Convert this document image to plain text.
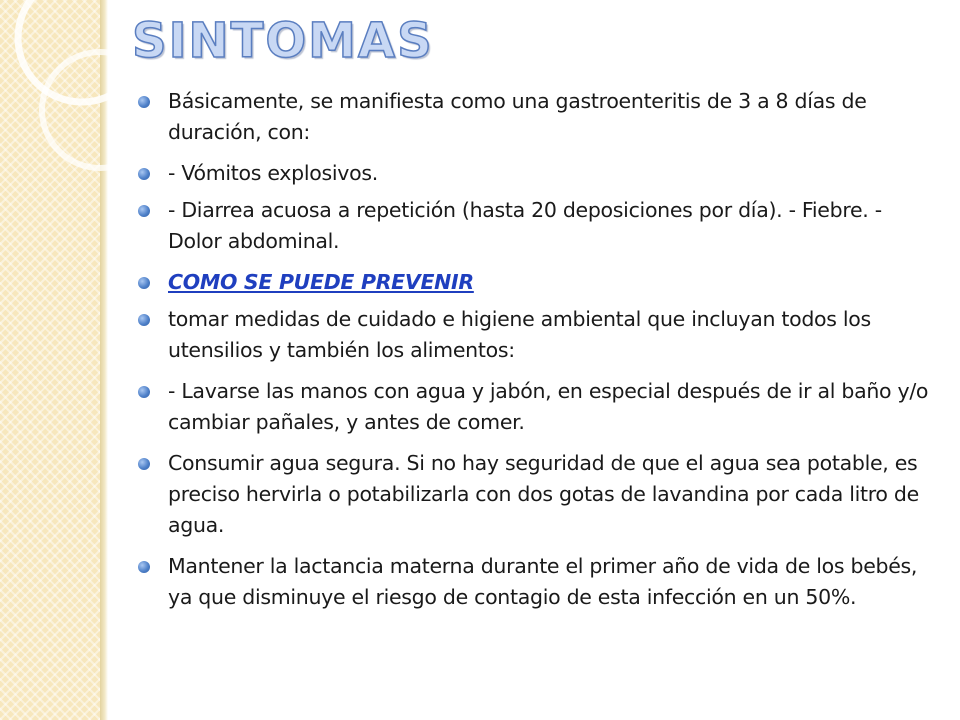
SINTOMAS
Básicamente, se manifiesta como una gastroenteritis de 3 a 8 días de duración, con:
- Vómitos explosivos.
- Diarrea acuosa a repetición (hasta 20 deposiciones por día). - Fiebre. - Dolor abdominal.
COMO SE PUEDE PREVENIR
tomar medidas de cuidado e higiene ambiental que incluyan todos los utensilios y también los alimentos:
- Lavarse las manos con agua y jabón, en especial después de ir al baño y/o cambiar pañales, y antes de comer.
Consumir agua segura. Si no hay seguridad de que el agua sea potable, es preciso hervirla o potabilizarla con dos gotas de lavandina por cada litro de agua.
Mantener la lactancia materna durante el primer año de vida de los bebés, ya que disminuye el riesgo de contagio de esta infección en un 50%.
